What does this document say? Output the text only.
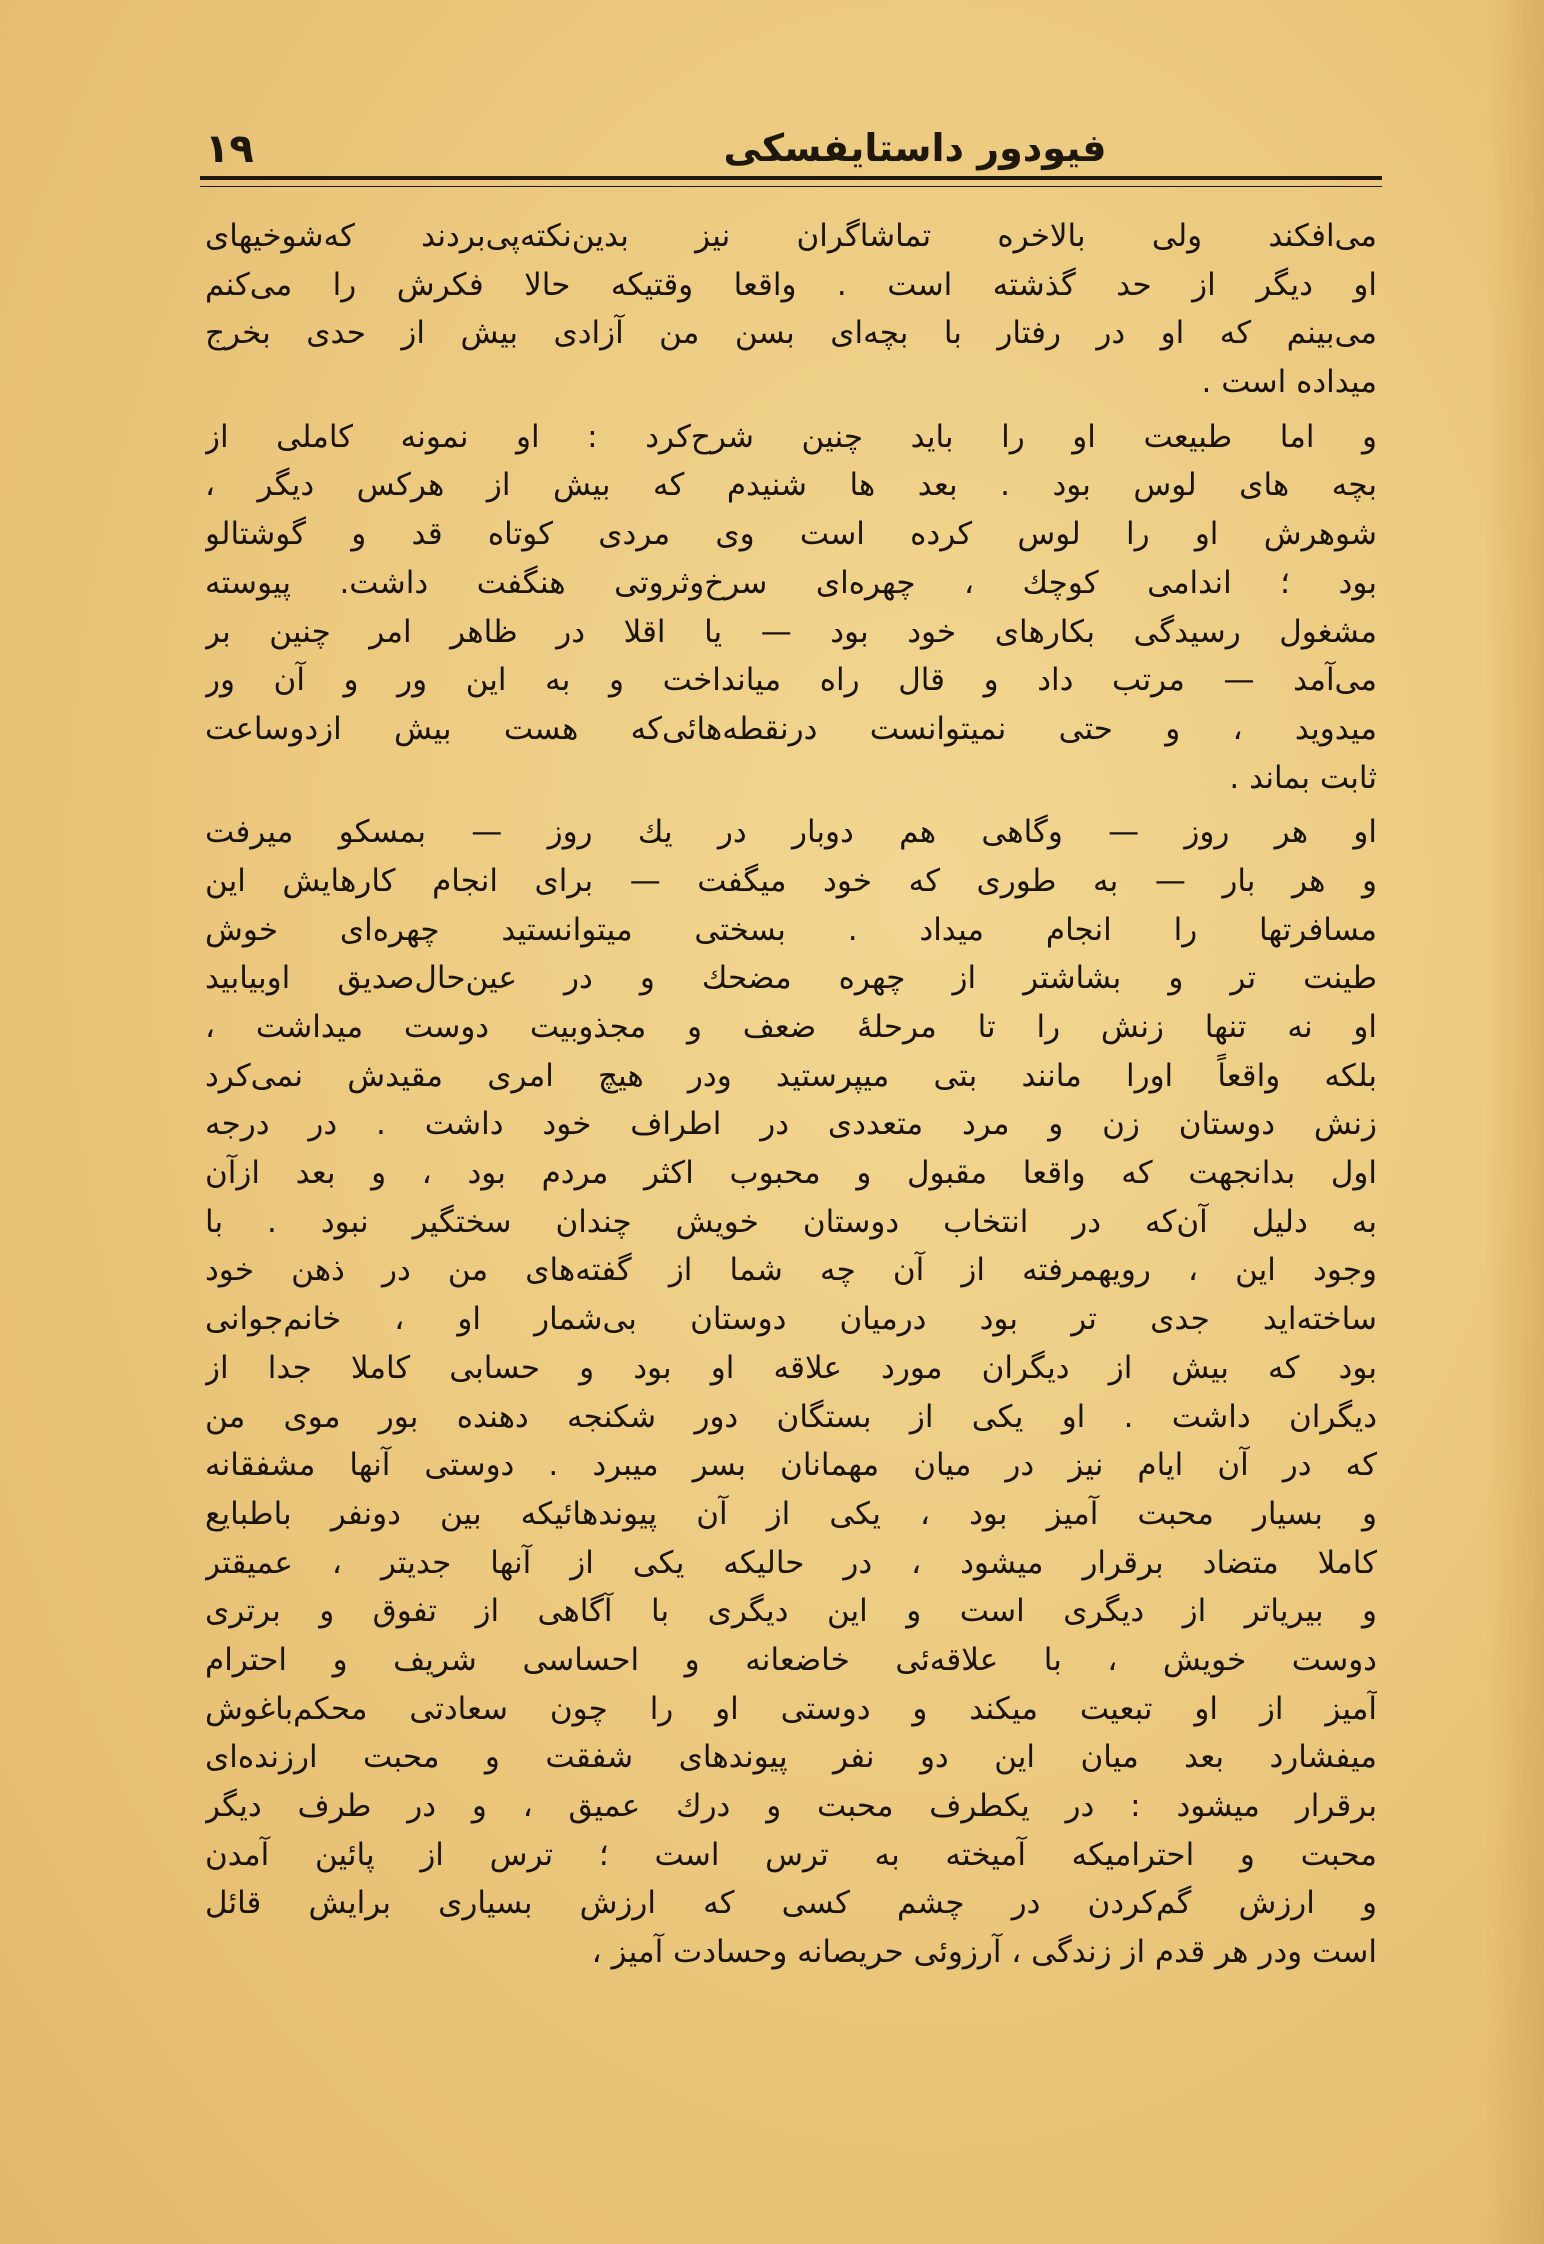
۱۹	فیودور داستایفسکی
می‌افکند ولی بالاخره تماشاگران نیز بدین‌نکته‌پی‌بردند که‌شوخیهای
او دیگر از حد گذشته است . واقعا وقتیکه حالا فکرش را می‌کنم
می‌بینم که او در رفتار با بچه‌ای بسن من آزادی بیش از حدی بخرج
میداده است .
و اما طبیعت او را باید چنین شرح‌کرد : او نمونه کاملی از
بچه های لوس بود . بعد ها شنیدم که بیش از هرکس دیگر ،
شوهرش او را لوس کرده است وی مردی کوتاه قد و گوشتالو
بود ؛ اندامی کوچك ، چهره‌ای سرخ‌وثروتی هنگفت داشت. پیوسته
مشغول رسیدگی بکارهای خود بود — یا اقلا در ظاهر امر چنین بر
می‌آمد — مرتب داد و قال راه میانداخت و به این ور و آن ور
میدوید ، و حتی نمیتوانست درنقطه‌هائی‌که هست بیش ازدوساعت
ثابت بماند .
او هر روز — وگاهی هم دوبار در یك روز — بمسکو میرفت
و هر بار — به طوری که خود میگفت — برای انجام کارهایش این
مسافرتها را انجام میداد . بسختی میتوانستید چهره‌ای خوش
طینت تر و بشاشتر از چهره مضحك و در عین‌حال‌صدیق اوبیابید
او نه تنها زنش را تا مرحلهٔ ضعف و مجذوبیت دوست میداشت ،
بلکه واقعاً اورا مانند بتی میپرستید ودر هیچ امری مقیدش نمی‌کرد
زنش دوستان زن و مرد متعددی در اطراف خود داشت . در درجه
اول بدانجهت که واقعا مقبول و محبوب اکثر مردم بود ، و بعد ازآن
به دلیل آن‌که در انتخاب دوستان خویش چندان سختگیر نبود . با
وجود این ، رویهمرفته از آن چه شما از گفته‌های من در ذهن خود
ساخته‌اید جدی تر بود درمیان دوستان بی‌شمار او ، خانم‌جوانی
بود که بیش از دیگران مورد علاقه او بود و حسابی کاملا جدا از
دیگران داشت . او یکی از بستگان دور شکنجه دهنده بور موی من
که در آن ایام نیز در میان مهمانان بسر میبرد . دوستی آنها مشفقانه
و بسیار محبت آمیز بود ، یکی از آن پیوندهائیکه بین دونفر باطبایع
کاملا متضاد برقرار میشود ، در حالیکه یکی از آنها جدیتر ، عمیقتر
و بیریاتر از دیگری است و این دیگری با آگاهی از تفوق و برتری
دوست خویش ، با علاقه‌ئی خاضعانه و احساسی شریف و احترام
آمیز از او تبعیت میکند و دوستی او را چون سعادتی محکم‌باغوش
میفشارد بعد میان این دو نفر پیوندهای شفقت و محبت ارزنده‌ای
برقرار میشود : در یکطرف محبت و درك عمیق ، و در طرف دیگر
محبت و احترامیکه آمیخته به ترس است ؛ ترس از پائین آمدن
و ارزش گم‌کردن در چشم کسی که ارزش بسیاری برایش قائل
است ودر هر قدم از زندگی ، آرزوئی حریصانه وحسادت آمیز ،
